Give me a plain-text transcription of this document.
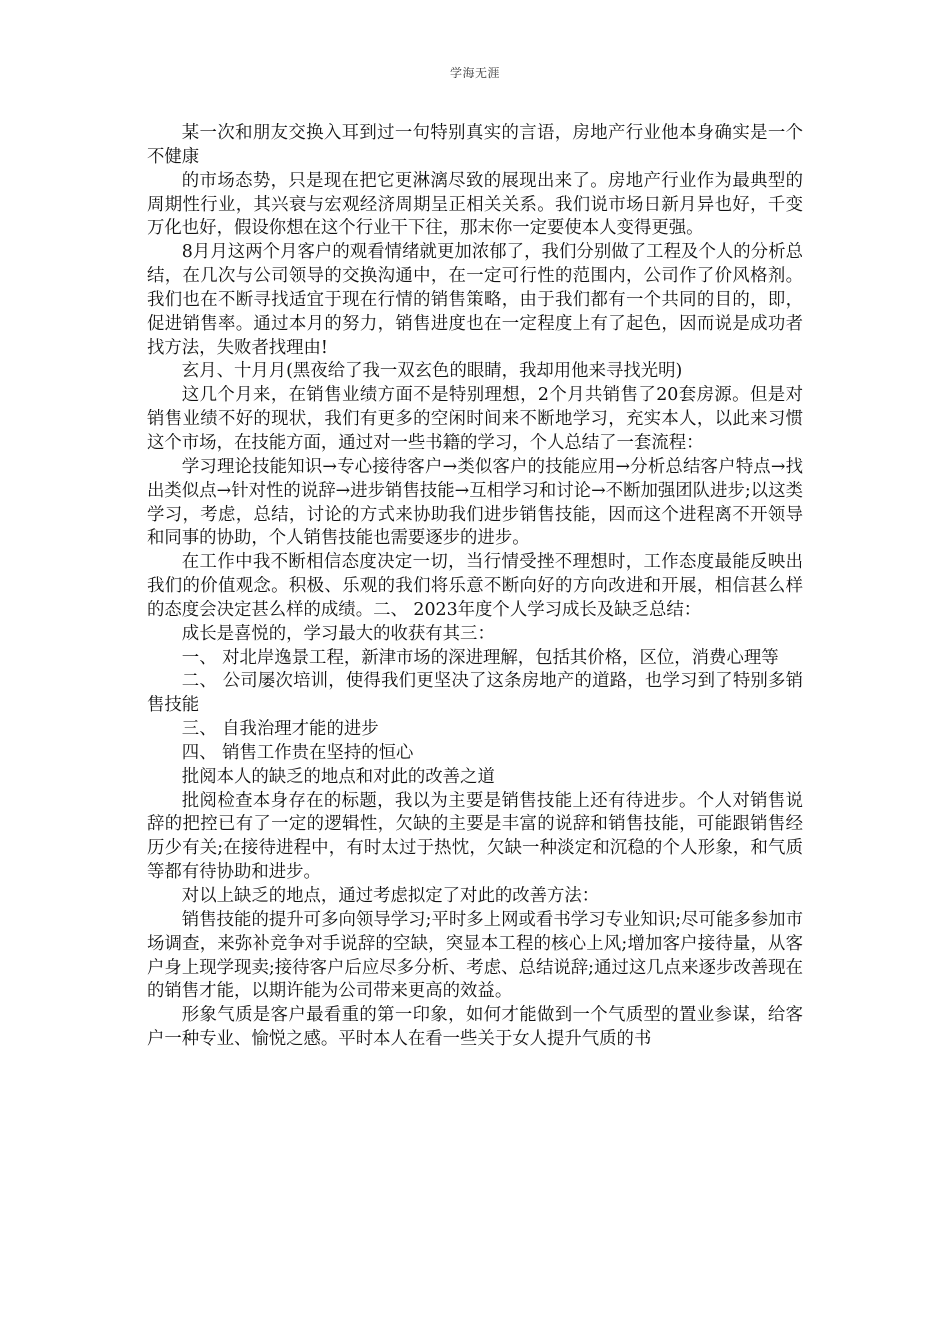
学海无涯

某一次和朋友交换入耳到过一句特别真实的言语，房地产行业他本身确实是一个不健康

的市场态势，只是现在把它更淋漓尽致的展现出来了。房地产行业作为最典型的周期性行业，其兴衰与宏观经济周期呈正相关关系。我们说市场日新月异也好，千变万化也好，假设你想在这个行业干下往，那末你一定要使本人变得更强。

8月月这两个月客户的观看情绪就更加浓郁了，我们分别做了工程及个人的分析总结，在几次与公司领导的交换沟通中，在一定可行性的范围内，公司作了价风格剂。我们也在不断寻找适宜于现在行情的销售策略，由于我们都有一个共同的目的，即，促进销售率。通过本月的努力，销售进度也在一定程度上有了起色，因而说是成功者找方法，失败者找理由!

玄月、十月月(黑夜给了我一双玄色的眼睛，我却用他来寻找光明)

这几个月来，在销售业绩方面不是特别理想，2个月共销售了20套房源。但是对销售业绩不好的现状，我们有更多的空闲时间来不断地学习，充实本人，以此来习惯这个市场，在技能方面，通过对一些书籍的学习，个人总结了一套流程：

学习理论技能知识→专心接待客户→类似客户的技能应用→分析总结客户特点→找出类似点→针对性的说辞→进步销售技能→互相学习和讨论→不断加强团队进步;以这类学习，考虑，总结，讨论的方式来协助我们进步销售技能，因而这个进程离不开领导和同事的协助，个人销售技能也需要逐步的进步。

在工作中我不断相信态度决定一切，当行情受挫不理想时，工作态度最能反映出我们的价值观念。积极、乐观的我们将乐意不断向好的方向改进和开展，相信甚么样的态度会决定甚么样的成绩。二、 2023年度个人学习成长及缺乏总结：

成长是喜悦的，学习最大的收获有其三：

一、 对北岸逸景工程，新津市场的深进理解，包括其价格，区位，消费心理等

二、 公司屡次培训，使得我们更坚决了这条房地产的道路，也学习到了特别多销售技能

三、 自我治理才能的进步

四、 销售工作贵在坚持的恒心

批阅本人的缺乏的地点和对此的改善之道

批阅检查本身存在的标题，我以为主要是销售技能上还有待进步。个人对销售说辞的把控已有了一定的逻辑性，欠缺的主要是丰富的说辞和销售技能，可能跟销售经历少有关;在接待进程中，有时太过于热忱，欠缺一种淡定和沉稳的个人形象，和气质等都有待协助和进步。

对以上缺乏的地点，通过考虑拟定了对此的改善方法：

销售技能的提升可多向领导学习;平时多上网或看书学习专业知识;尽可能多参加市场调查，来弥补竞争对手说辞的空缺，突显本工程的核心上风;增加客户接待量，从客户身上现学现卖;接待客户后应尽多分析、考虑、总结说辞;通过这几点来逐步改善现在的销售才能，以期许能为公司带来更高的效益。

形象气质是客户最看重的第一印象，如何才能做到一个气质型的置业参谋，给客户一种专业、愉悦之感。平时本人在看一些关于女人提升气质的书
